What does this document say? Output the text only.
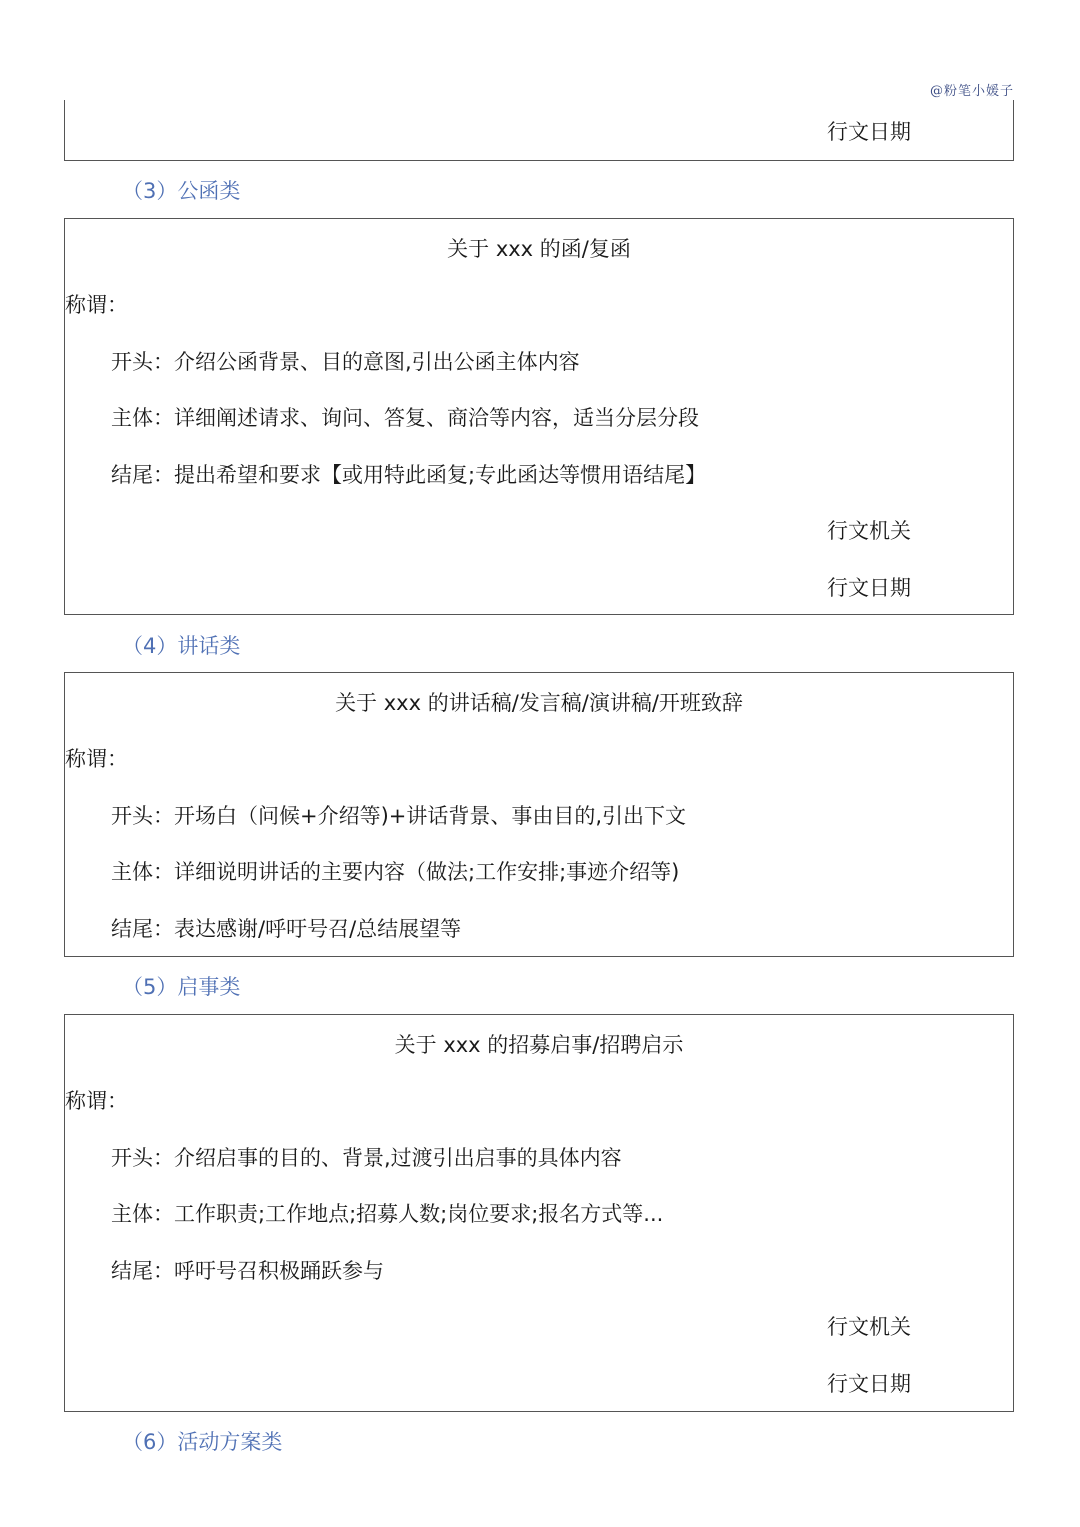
@粉笔小媛子
行文日期
（3）公函类
关于 xxx 的函/复函
称谓：
开头：介绍公函背景、目的意图,引出公函主体内容
主体：详细阐述请求、询问、答复、商洽等内容，适当分层分段
结尾：提出希望和要求【或用特此函复;专此函达等惯用语结尾】
行文机关
行文日期
（4）讲话类
关于 xxx 的讲话稿/发言稿/演讲稿/开班致辞
称谓：
开头：开场白（问候+介绍等)+讲话背景、事由目的,引出下文
主体：详细说明讲话的主要内容（做法;工作安排;事迹介绍等)
结尾：表达感谢/呼吁号召/总结展望等
（5）启事类
关于 xxx 的招募启事/招聘启示
称谓：
开头：介绍启事的目的、背景,过渡引出启事的具体内容
主体：工作职责;工作地点;招募人数;岗位要求;报名方式等...
结尾：呼吁号召积极踊跃参与
行文机关
行文日期
（6）活动方案类
